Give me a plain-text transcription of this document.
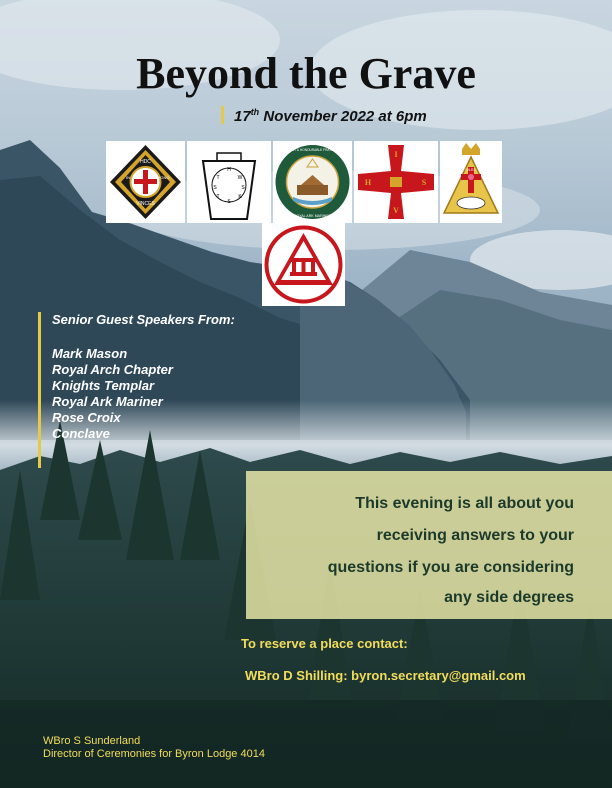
Beyond the Grave
17th November 2022 at 6pm
HDC
IN	SIGNO
VINCES
H
T	W
S	S
T	K
S
ANCIENT & HONOURABLE FRATERNITY
ROYAL ARK MARINER
I
H	S
V
I.N.R.I.
Senior Guest Speakers From:
Mark Mason
Royal Arch Chapter
Knights Templar
Royal Ark Mariner
Rose Croix
Conclave

This evening is all about you

receiving answers to your

questions if you are considering

any side degrees

To reserve a place contact:
WBro D Shilling: byron.secretary@gmail.com
WBro S Sunderland
Director of Ceremonies for Byron Lodge 4014
